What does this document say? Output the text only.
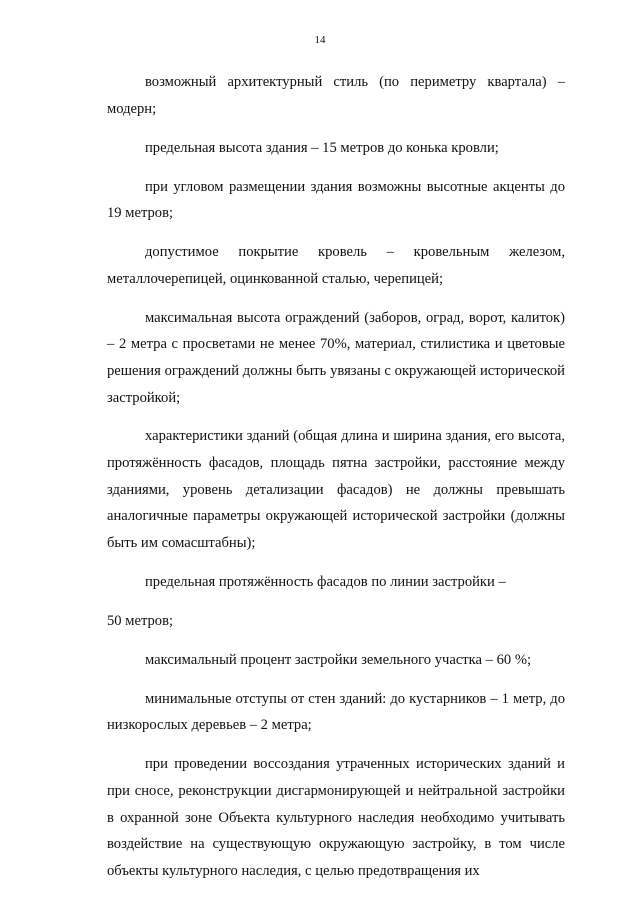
14

возможный архитектурный стиль (по периметру квартала) – модерн;

предельная высота здания – 15 метров до конька кровли;

при угловом размещении здания возможны высотные акценты до 19 метров;

допустимое покрытие кровель – кровельным железом, металлочерепицей, оцинкованной сталью, черепицей;

максимальная высота ограждений (заборов, оград, ворот, калиток) – 2 метра с просветами не менее 70%, материал, стилистика и цветовые решения ограждений должны быть увязаны с окружающей исторической застройкой;

характеристики зданий (общая длина и ширина здания, его высота, протяжённость фасадов, площадь пятна застройки, расстояние между зданиями, уровень детализации фасадов) не должны превышать аналогичные параметры окружающей исторической застройки (должны быть им сомасштабны);

предельная протяжённость фасадов по линии застройки –

50 метров;

максимальный процент застройки земельного участка – 60 %;

минимальные отступы от стен зданий: до кустарников – 1 метр, до низкорослых деревьев – 2 метра;

при проведении воссоздания утраченных исторических зданий и при сносе, реконструкции дисгармонирующей и нейтральной застройки в охранной зоне Объекта культурного наследия необходимо учитывать воздействие на существующую окружающую застройку, в том числе объекты культурного наследия, с целью предотвращения их
